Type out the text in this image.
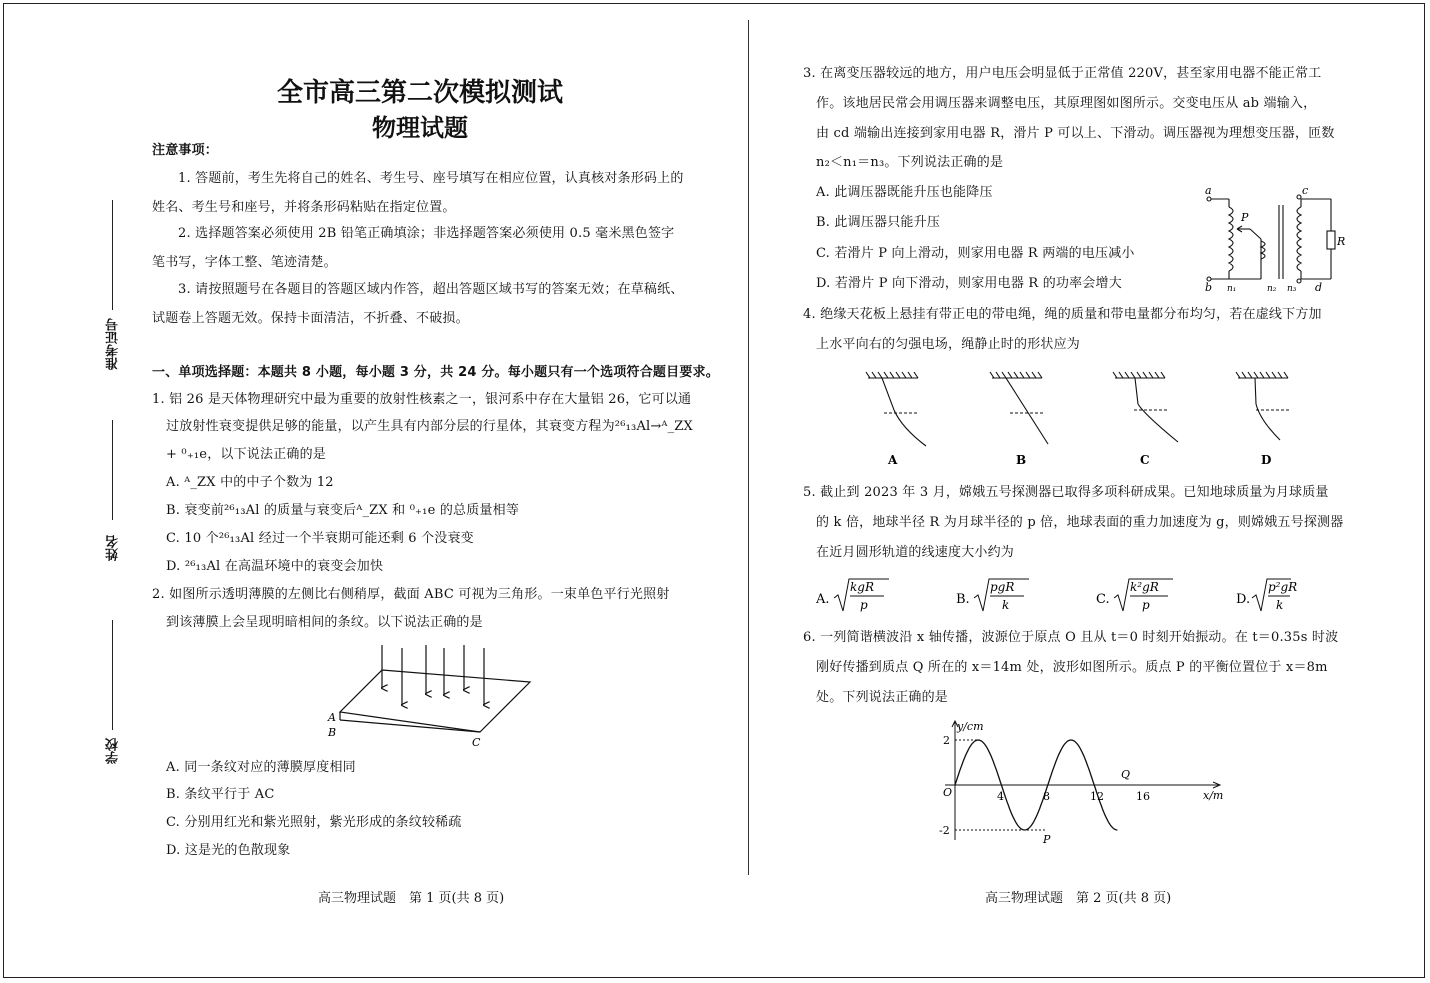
准考证号
姓名
学校
全市高三第二次模拟测试
物理试题
注意事项：
1. 答题前，考生先将自己的姓名、考生号、座号填写在相应位置，认真核对条形码上的
姓名、考生号和座号，并将条形码粘贴在指定位置。
2. 选择题答案必须使用 2B 铅笔正确填涂；非选择题答案必须使用 0.5 毫米黑色签字
笔书写，字体工整、笔迹清楚。
3. 请按照题号在各题目的答题区域内作答，超出答题区域书写的答案无效；在草稿纸、
试题卷上答题无效。保持卡面清洁，不折叠、不破损。
一、单项选择题：本题共 8 小题，每小题 3 分，共 24 分。每小题只有一个选项符合题目要求。
1. 铝 26 是天体物理研究中最为重要的放射性核素之一，银河系中存在大量铝 26，它可以通
过放射性衰变提供足够的能量，以产生具有内部分层的行星体，其衰变方程为²⁶₁₃Al→ᴬ_ZX
+ ⁰₊₁e，以下说法正确的是
A. ᴬ_ZX 中的中子个数为 12
B. 衰变前²⁶₁₃Al 的质量与衰变后ᴬ_ZX 和 ⁰₊₁e 的总质量相等
C. 10 个²⁶₁₃Al 经过一个半衰期可能还剩 6 个没衰变
D. ²⁶₁₃Al 在高温环境中的衰变会加快
2. 如图所示透明薄膜的左侧比右侧稍厚，截面 ABC 可视为三角形。一束单色平行光照射
到该薄膜上会呈现明暗相间的条纹。以下说法正确的是
A
B
C
A. 同一条纹对应的薄膜厚度相同
B. 条纹平行于 AC
C. 分别用红光和紫光照射，紫光形成的条纹较稀疏
D. 这是光的色散现象
高三物理试题　第 1 页(共 8 页)
3. 在离变压器较远的地方，用户电压会明显低于正常值 220V，甚至家用电器不能正常工
作。该地居民常会用调压器来调整电压，其原理图如图所示。交变电压从 ab 端输入，
由 cd 端输出连接到家用电器 R，滑片 P 可以上、下滑动。调压器视为理想变压器，匝数
n₂＜n₁＝n₃。下列说法正确的是
A. 此调压器既能升压也能降压
B. 此调压器只能升压
C. 若滑片 P 向上滑动，则家用电器 R 两端的电压减小
D. 若滑片 P 向下滑动，则家用电器 R 的功率会增大
a
b
c
d
P
R
n₁	n₂ n₃
4. 绝缘天花板上悬挂有带正电的带电绳，绳的质量和带电量都分布均匀，若在虚线下方加
上水平向右的匀强电场，绳静止时的形状应为
A	B	C	D
5. 截止到 2023 年 3 月，嫦娥五号探测器已取得多项科研成果。已知地球质量为月球质量
的 k 倍，地球半径 R 为月球半径的 p 倍，地球表面的重力加速度为 g，则嫦娥五号探测器
在近月圆形轨道的线速度大小约为
A.
kgR
p	B.
pgR
k	C.
k²gR
p	D.
p²gR
k
6. 一列简谐横波沿 x 轴传播，波源位于原点 O 且从 t＝0 时刻开始振动。在 t＝0.35s 时波
刚好传播到质点 Q 所在的 x＝14m 处，波形如图所示。质点 P 的平衡位置位于 x＝8m
处。下列说法正确的是
y/cm
x/m
O
2
-2
4	8	12	16
P
Q
高三物理试题　第 2 页(共 8 页)
